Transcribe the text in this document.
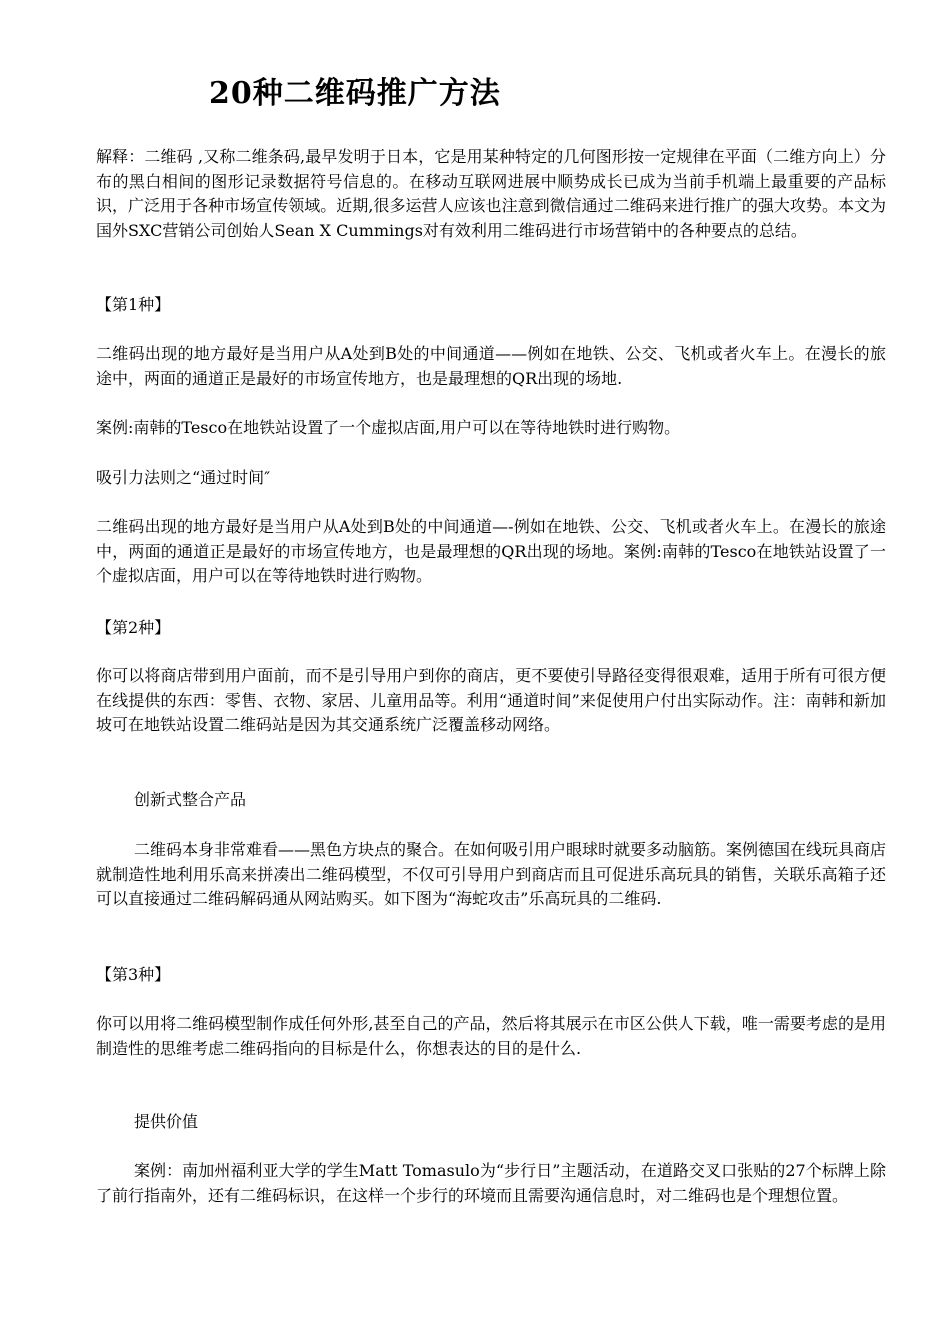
20种二维码推广方法

解释：二维码 ,又称二维条码,最早发明于日本，它是用某种特定的几何图形按一定规律在平面（二维方向上）分布的黑白相间的图形记录数据符号信息的。在移动互联网进展中顺势成长已成为当前手机端上最重要的产品标识，广泛用于各种市场宣传领域。近期,很多运营人应该也注意到微信通过二维码来进行推广的强大攻势。本文为国外SXC营销公司创始人Sean X Cummings对有效利用二维码进行市场营销中的各种要点的总结。

【第1种】

二维码出现的地方最好是当用户从A处到B处的中间通道——例如在地铁、公交、飞机或者火车上。在漫长的旅途中，两面的通道正是最好的市场宣传地方，也是最理想的QR出现的场地.

案例:南韩的Tesco在地铁站设置了一个虚拟店面,用户可以在等待地铁时进行购物。

吸引力法则之“通过时间″

二维码出现的地方最好是当用户从A处到B处的中间通道—-例如在地铁、公交、飞机或者火车上。在漫长的旅途中，两面的通道正是最好的市场宣传地方，也是最理想的QR出现的场地。案例:南韩的Tesco在地铁站设置了一个虚拟店面，用户可以在等待地铁时进行购物。

【第2种】

你可以将商店带到用户面前，而不是引导用户到你的商店，更不要使引导路径变得很艰难，适用于所有可很方便在线提供的东西：零售、衣物、家居、儿童用品等。利用“通道时间”来促使用户付出实际动作。注：南韩和新加坡可在地铁站设置二维码站是因为其交通系统广泛覆盖移动网络。

创新式整合产品

二维码本身非常难看——黑色方块点的聚合。在如何吸引用户眼球时就要多动脑筋。案例德国在线玩具商店就制造性地利用乐高来拼凑出二维码模型，不仅可引导用户到商店而且可促进乐高玩具的销售，关联乐高箱子还可以直接通过二维码解码通从网站购买。如下图为“海蛇攻击”乐高玩具的二维码.

【第3种】

你可以用将二维码模型制作成任何外形,甚至自己的产品，然后将其展示在市区公供人下载，唯一需要考虑的是用制造性的思维考虑二维码指向的目标是什么，你想表达的目的是什么.

提供价值

案例：南加州福利亚大学的学生Matt Tomasulo为“步行日”主题活动，在道路交叉口张贴的27个标牌上除了前行指南外，还有二维码标识，在这样一个步行的环境而且需要沟通信息时，对二维码也是个理想位置。
